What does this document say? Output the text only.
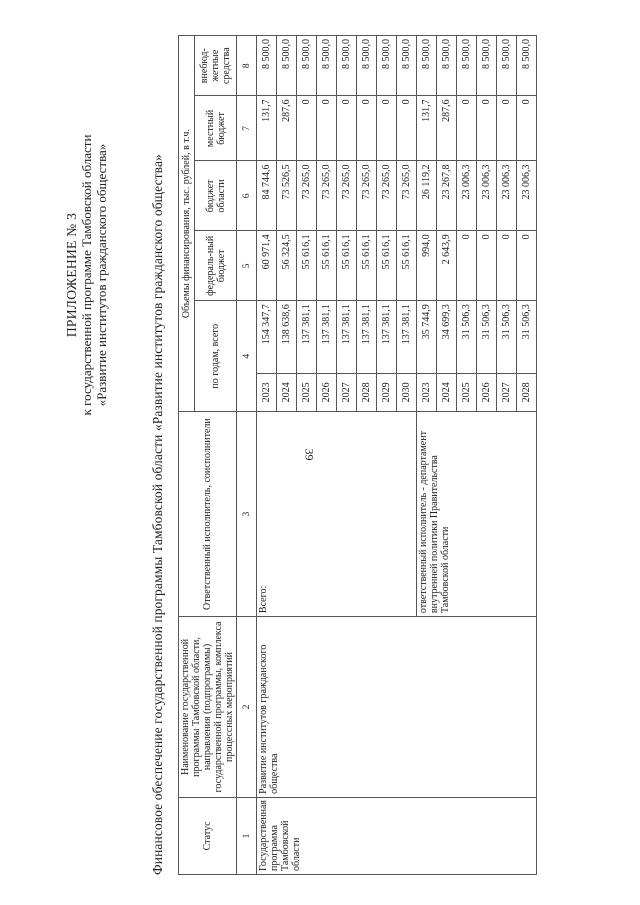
39
ПРИЛОЖЕНИЕ № 3 к государственной программе Тамбовской области «Развитие институтов гражданского общества»	Финансовое обеспечение государственной программы Тамбовской области «Развитие институтов гражданского общества»	Статус	Наименование государственной программы Тамбовской области, направления (подпрограммы) государственной программы, комплекса процессных мероприятий	Ответственный исполнитель, соисполнители	Объемы финансирования, тыс. рублей, в т.ч.					
			по годам, всего		федераль-ный бюджет	бюджет области	местный бюджет	внебюд-жетные средства
1	2	3	4		5	6	7	8
Государственная программа Тамбовской области	Развитие институтов гражданского общества	Всего:	2023	154 347,7	60 971,4	84 744,6	131,7	8 500,0
			2024	138 638,6	56 324,5	73 526,5	287,6	8 500,0
			2025	137 381,1	55 616,1	73 265,0	0	8 500,0
			2026	137 381,1	55 616,1	73 265,0	0	8 500,0
			2027	137 381,1	55 616,1	73 265,0	0	8 500,0
			2028	137 381,1	55 616,1	73 265,0	0	8 500,0
			2029	137 381,1	55 616,1	73 265,0	0	8 500,0
			2030	137 381,1	55 616,1	73 265,0	0	8 500,0
		ответственный исполнитель - департамент внутренней политики Правительства Тамбовской области	2023	35 744,9	994,0	26 119,2	131,7	8 500,0
			2024	34 699,3	2 643,9	23 267,8	287,6	8 500,0
			2025	31 506,3	0	23 006,3	0	8 500,0
			2026	31 506,3	0	23 006,3	0	8 500,0
			2027	31 506,3	0	23 006,3	0	8 500,0
			2028	31 506,3	0	23 006,3	0	8 500,0
